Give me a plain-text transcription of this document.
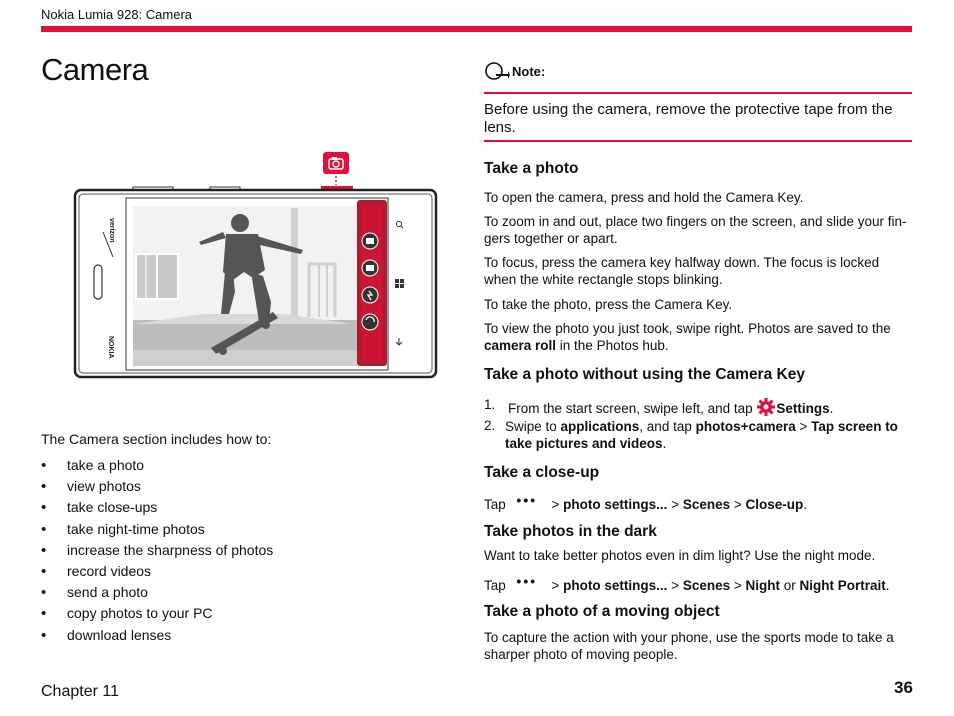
Nokia Lumia 928: Camera
Camera
verizon
NOKIA
The Camera section includes how to:
• take a photo
• view photos
• take close-ups
• take night-time photos
• increase the sharpness of photos
• record videos
• send a photo
• copy photos to your PC
• download lenses
Note:
Before using the camera, remove the protective tape from the lens.
Take a photo
To open the camera, press and hold the Camera Key.
To zoom in and out, place two fingers on the screen, and slide your fin-gers together or apart.
To focus, press the camera key halfway down. The focus is locked when the white rectangle stops blinking.
To take the photo, press the Camera Key.
To view the photo you just took, swipe right. Photos are saved to the camera roll in the Photos hub.
Take a photo without using the Camera Key
1. From the start screen, swipe left, and tap Settings.
2. Swipe to applications, and tap photos+camera > Tap screen to take pictures and videos.
Take a close-up
Tap ••• > photo settings... > Scenes > Close-up.
Take photos in the dark
Want to take better photos even in dim light? Use the night mode.
Tap ••• > photo settings... > Scenes > Night or Night Portrait.
Take a photo of a moving object
To capture the action with your phone, use the sports mode to take a sharper photo of moving people.
Chapter 11	36
